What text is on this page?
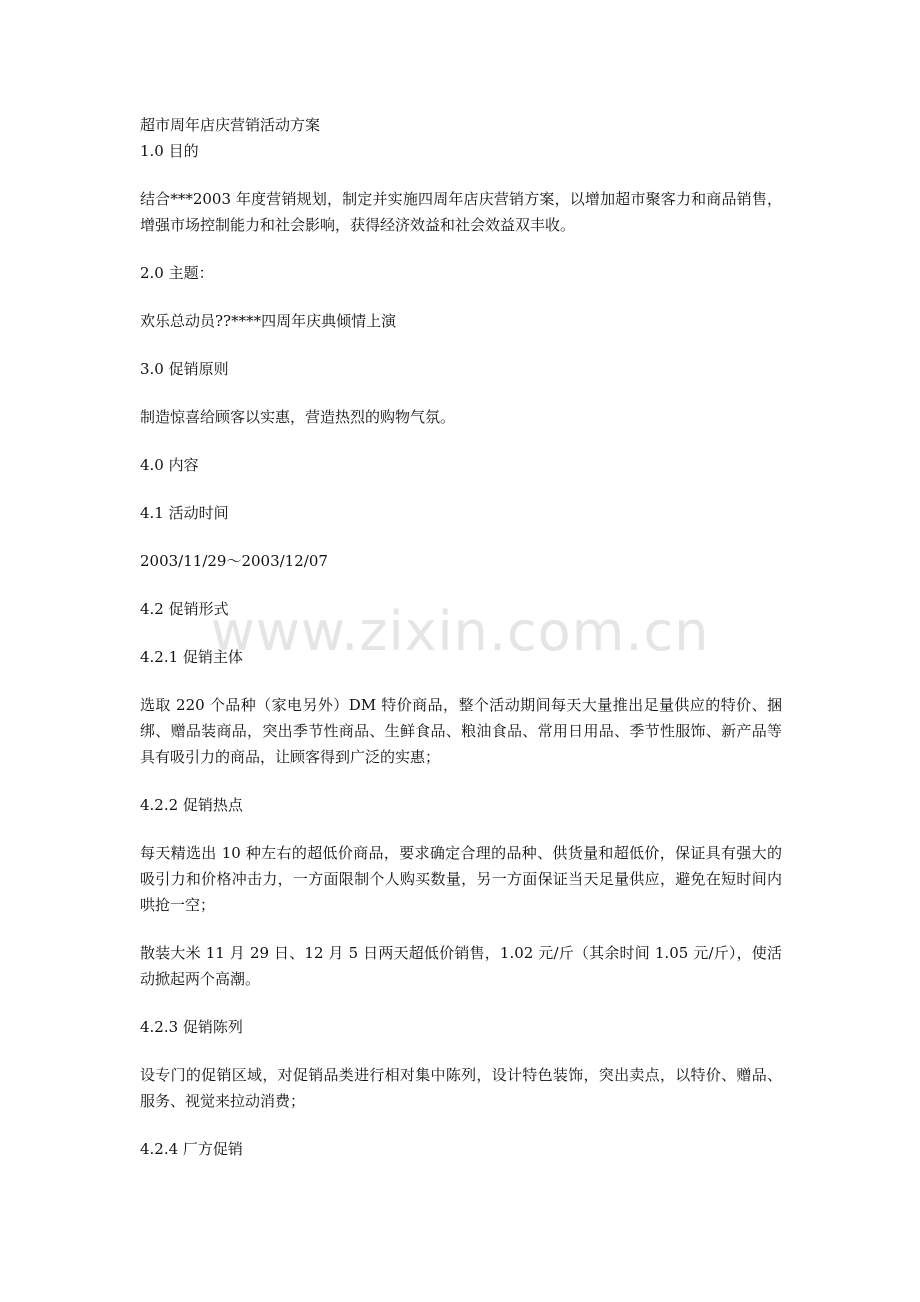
超市周年店庆营销活动方案

1.0 目的

结合***2003 年度营销规划，制定并实施四周年店庆营销方案，以增加超市聚客力和商品销售，增强市场控制能力和社会影响，获得经济效益和社会效益双丰收。

2.0 主题：

欢乐总动员??****四周年庆典倾情上演

3.0 促销原则

制造惊喜给顾客以实惠，营造热烈的购物气氛。

4.0 内容

4.1 活动时间

2003/11/29～2003/12/07

4.2 促销形式

4.2.1 促销主体

选取 220 个品种（家电另外）DM 特价商品，整个活动期间每天大量推出足量供应的特价、捆绑、赠品装商品，突出季节性商品、生鲜食品、粮油食品、常用日用品、季节性服饰、新产品等具有吸引力的商品，让顾客得到广泛的实惠；

4.2.2 促销热点

每天精选出 10 种左右的超低价商品，要求确定合理的品种、供货量和超低价，保证具有强大的吸引力和价格冲击力，一方面限制个人购买数量，另一方面保证当天足量供应，避免在短时间内哄抢一空；

散装大米 11 月 29 日、12 月 5 日两天超低价销售，1.02 元/斤（其余时间 1.05 元/斤），使活动掀起两个高潮。

4.2.3 促销陈列

设专门的促销区域，对促销品类进行相对集中陈列，设计特色装饰，突出卖点，以特价、赠品、服务、视觉来拉动消费；

4.2.4 厂方促销

www.zixin.com.cn
